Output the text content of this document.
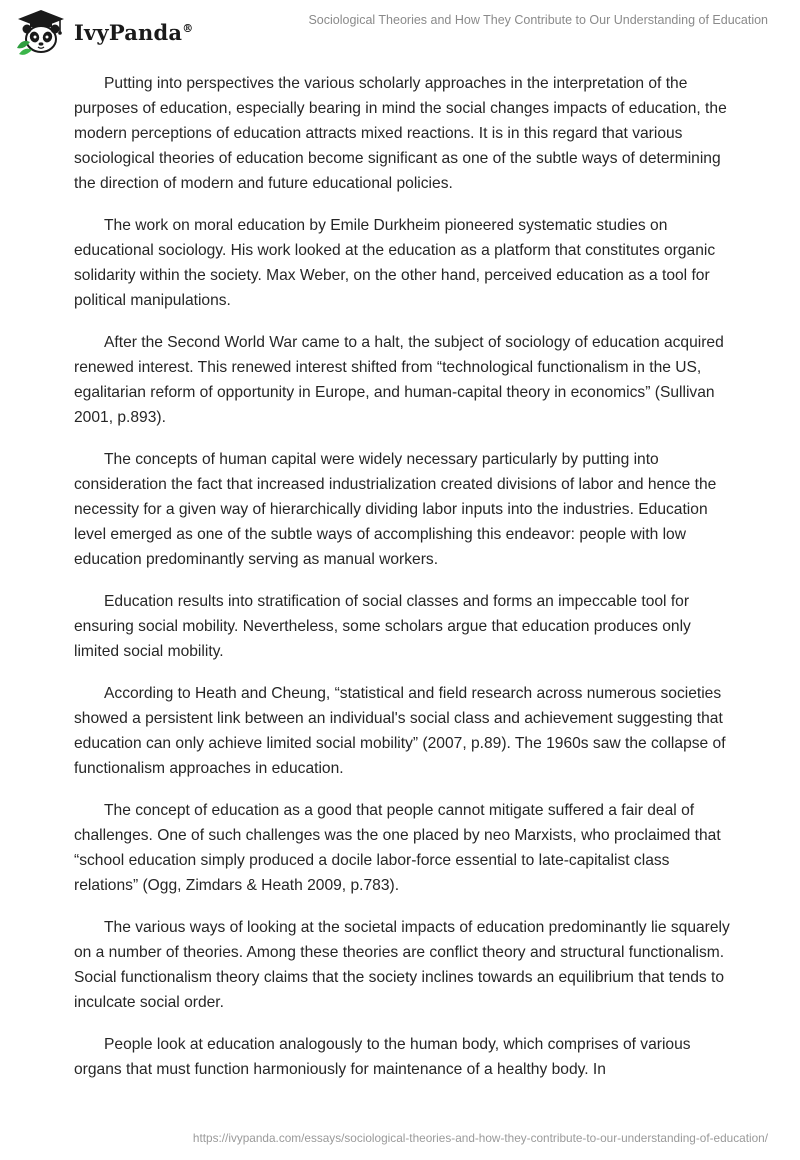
IvyPanda®
Sociological Theories and How They Contribute to Our Understanding of Education

Putting into perspectives the various scholarly approaches in the interpretation of the purposes of education, especially bearing in mind the social changes impacts of education, the modern perceptions of education attracts mixed reactions. It is in this regard that various sociological theories of education become significant as one of the subtle ways of determining the direction of modern and future educational policies.

The work on moral education by Emile Durkheim pioneered systematic studies on educational sociology. His work looked at the education as a platform that constitutes organic solidarity within the society. Max Weber, on the other hand, perceived education as a tool for political manipulations.

After the Second World War came to a halt, the subject of sociology of education acquired renewed interest. This renewed interest shifted from “technological functionalism in the US, egalitarian reform of opportunity in Europe, and human-capital theory in economics” (Sullivan 2001, p.893).

The concepts of human capital were widely necessary particularly by putting into consideration the fact that increased industrialization created divisions of labor and hence the necessity for a given way of hierarchically dividing labor inputs into the industries. Education level emerged as one of the subtle ways of accomplishing this endeavor: people with low education predominantly serving as manual workers.

Education results into stratification of social classes and forms an impeccable tool for ensuring social mobility. Nevertheless, some scholars argue that education produces only limited social mobility.

According to Heath and Cheung, “statistical and field research across numerous societies showed a persistent link between an individual's social class and achievement suggesting that education can only achieve limited social mobility” (2007, p.89). The 1960s saw the collapse of functionalism approaches in education.

The concept of education as a good that people cannot mitigate suffered a fair deal of challenges. One of such challenges was the one placed by neo Marxists, who proclaimed that “school education simply produced a docile labor-force essential to late-capitalist class relations” (Ogg, Zimdars & Heath 2009, p.783).

The various ways of looking at the societal impacts of education predominantly lie squarely on a number of theories. Among these theories are conflict theory and structural functionalism. Social functionalism theory claims that the society inclines towards an equilibrium that tends to inculcate social order.

People look at education analogously to the human body, which comprises of various organs that must function harmoniously for maintenance of a healthy body. In

https://ivypanda.com/essays/sociological-theories-and-how-they-contribute-to-our-understanding-of-education/
